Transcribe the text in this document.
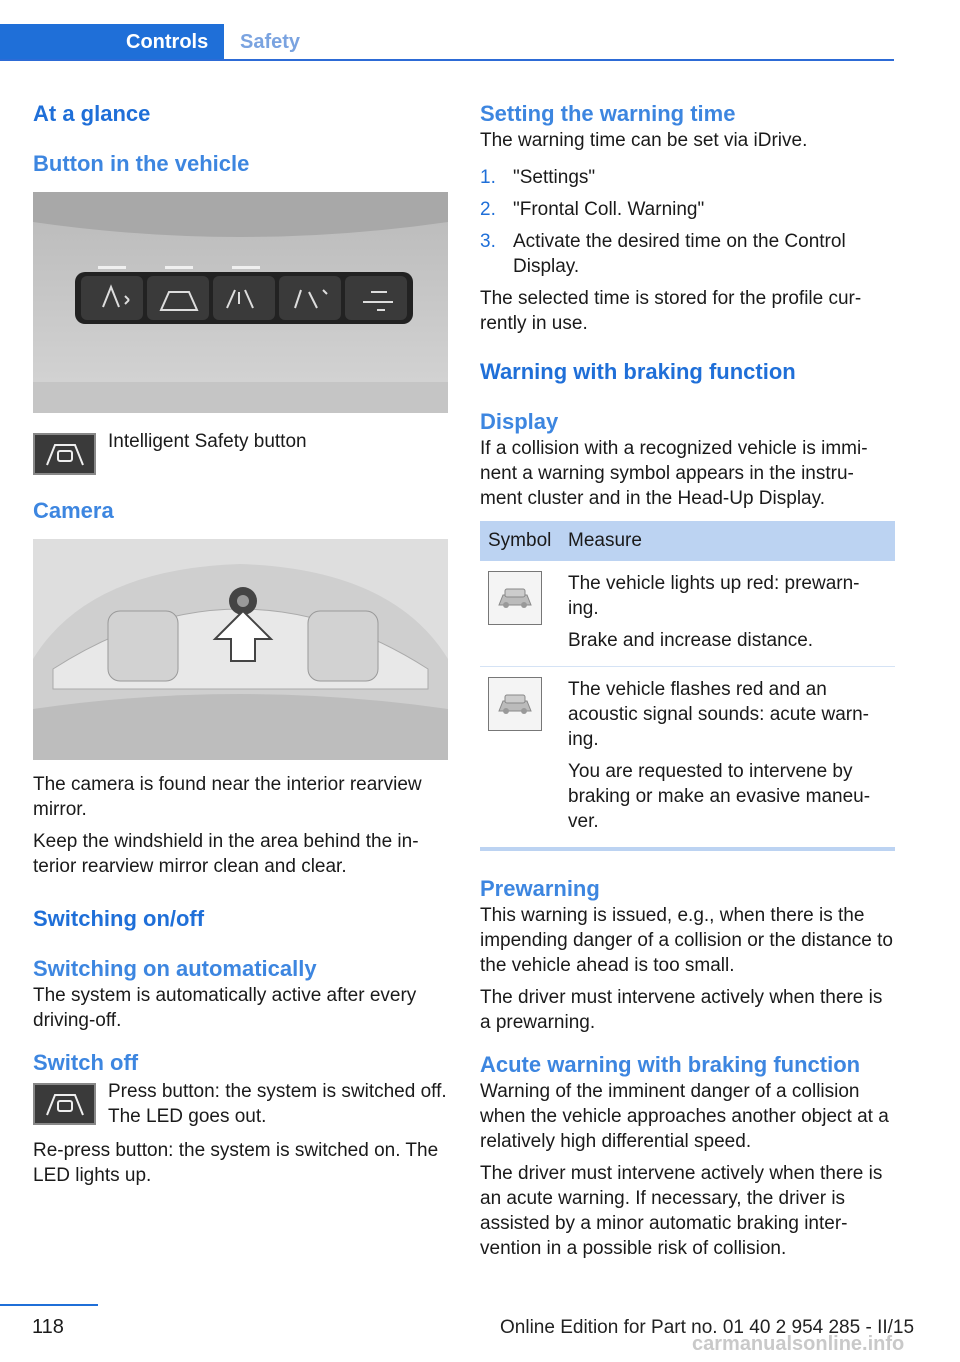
Controls	Safety
At a glance
Button in the vehicle

Intelligent Safety button

Camera

The camera is found near the interior rearview mirror.

Keep the windshield in the area behind the in-terior rearview mirror clean and clear.

Switching on/off
Switching on automatically

The system is automatically active after every driving-off.

Switch off

Press button: the system is switched off. The LED goes out.

Re-press button: the system is switched on. The LED lights up.

Setting the warning time

The warning time can be set via iDrive.

1. "Settings"
2. "Frontal Coll. Warning"
3. Activate the desired time on the Control Display.

The selected time is stored for the profile cur-rently in use.

Warning with braking function
Display

If a collision with a recognized vehicle is immi-nent a warning symbol appears in the instru-ment cluster and in the Head-Up Display.

Symbol	Measure

The vehicle lights up red: prewarn-ing.

Brake and increase distance.

The vehicle flashes red and an acoustic signal sounds: acute warn-ing.

You are requested to intervene by braking or make an evasive maneu-ver.

Prewarning

This warning is issued, e.g., when there is the impending danger of a collision or the distance to the vehicle ahead is too small.

The driver must intervene actively when there is a prewarning.

Acute warning with braking function

Warning of the imminent danger of a collision when the vehicle approaches another object at a relatively high differential speed.

The driver must intervene actively when there is an acute warning. If necessary, the driver is assisted by a minor automatic braking inter-vention in a possible risk of collision.

118	Online Edition for Part no. 01 40 2 954 285 - II/15
carmanualsonline.info
